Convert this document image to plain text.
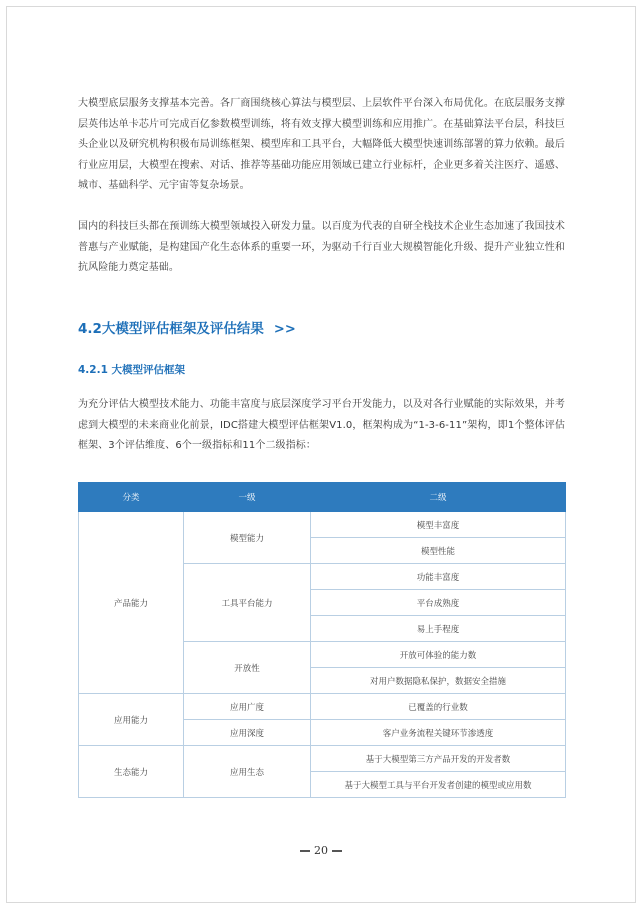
大模型底层服务支撑基本完善。各厂商围绕核心算法与模型层、上层软件平台深入布局优化。在底层服务支撑层英伟达单卡芯片可完成百亿参数模型训练，将有效支撑大模型训练和应用推广。在基础算法平台层，科技巨头企业以及研究机构积极布局训练框架、模型库和工具平台，大幅降低大模型快速训练部署的算力依赖。最后行业应用层，大模型在搜索、对话、推荐等基础功能应用领域已建立行业标杆，企业更多着关注医疗、遥感、城市、基础科学、元宇宙等复杂场景。

国内的科技巨头都在预训练大模型领域投入研发力量。以百度为代表的自研全栈技术企业生态加速了我国技术普惠与产业赋能，是构建国产化生态体系的重要一环，为驱动千行百业大规模智能化升级、提升产业独立性和抗风险能力奠定基础。

4.2大模型评估框架及评估结果 >>
4.2.1 大模型评估框架

为充分评估大模型技术能力、功能丰富度与底层深度学习平台开发能力，以及对各行业赋能的实际效果，并考虑到大模型的未来商业化前景，IDC搭建大模型评估框架V1.0，框架构成为“1-3-6-11”架构，即1个整体评估框架、3个评估维度、6个一级指标和11个二级指标：

分类	一级	二级
产品能力	模型能力	模型丰富度
		模型性能
	工具平台能力	功能丰富度
		平台成熟度
		易上手程度
	开放性	开放可体验的能力数
		对用户数据隐私保护，数据安全措施
应用能力	应用广度	已覆盖的行业数
	应用深度	客户业务流程关键环节渗透度
生态能力	应用生态	基于大模型第三方产品开发的开发者数
		基于大模型工具与平台开发者创建的模型或应用数
20
